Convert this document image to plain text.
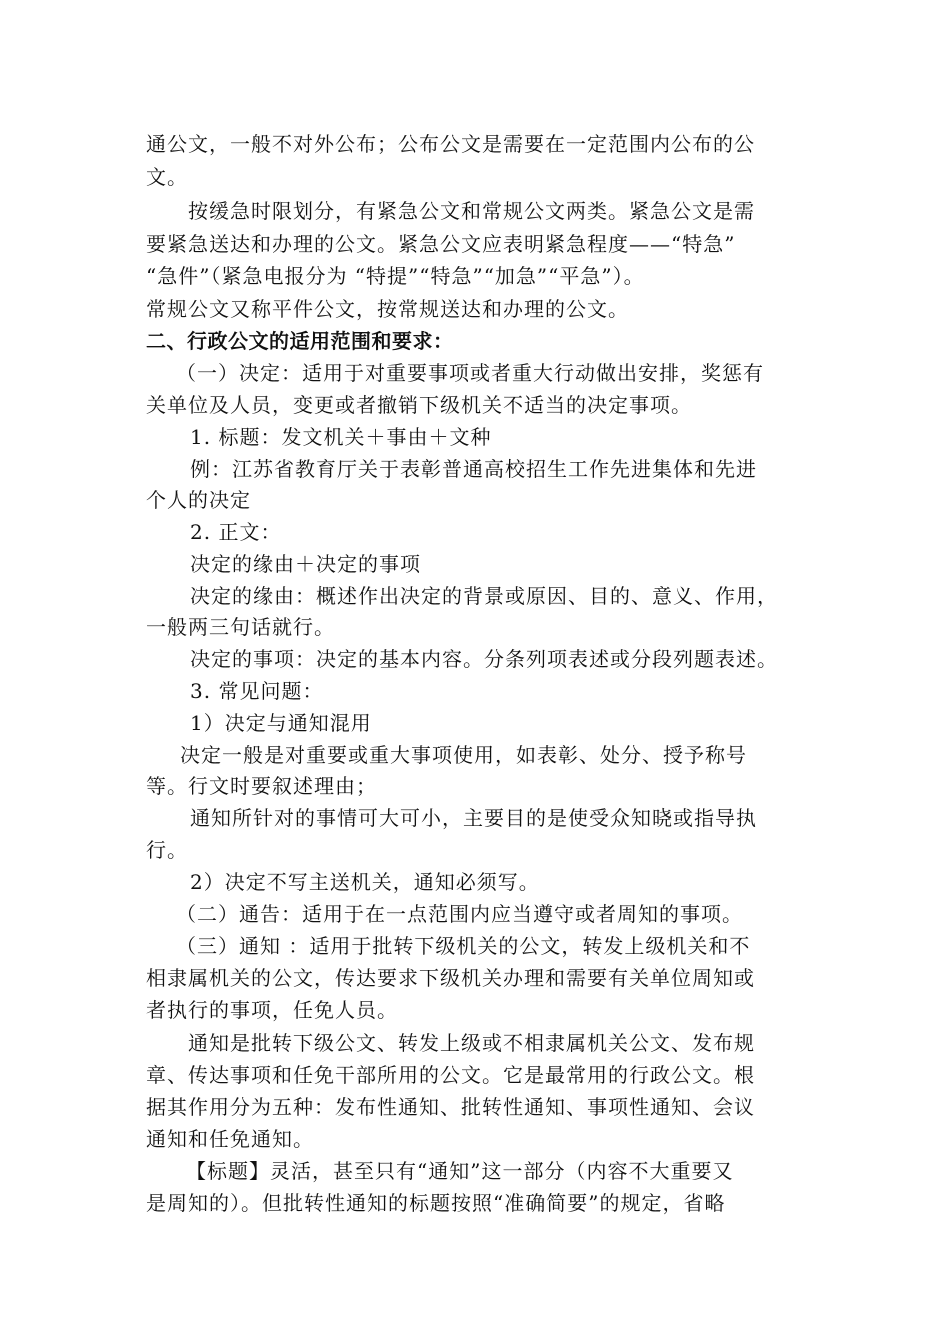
通公文，一般不对外公布；公布公文是需要在一定范围内公布的公

文。

按缓急时限划分，有紧急公文和常规公文两类。紧急公文是需

要紧急送达和办理的公文。紧急公文应表明紧急程度——“特急”

“急件”（紧急电报分为 “特提”“特急”“加急”“平急”）。

常规公文又称平件公文，按常规送达和办理的公文。

二、行政公文的适用范围和要求：

（一）决定：适用于对重要事项或者重大行动做出安排，奖惩有

关单位及人员，变更或者撤销下级机关不适当的决定事项。

1. 标题：发文机关＋事由＋文种

例：江苏省教育厅关于表彰普通高校招生工作先进集体和先进

个人的决定

2. 正文：

决定的缘由＋决定的事项

决定的缘由：概述作出决定的背景或原因、目的、意义、作用，

一般两三句话就行。

决定的事项：决定的基本内容。分条列项表述或分段列题表述。

3. 常见问题：

1）决定与通知混用

决定一般是对重要或重大事项使用，如表彰、处分、授予称号

等。行文时要叙述理由；

通知所针对的事情可大可小，主要目的是使受众知晓或指导执

行。

2）决定不写主送机关，通知必须写。

（二）通告：适用于在一点范围内应当遵守或者周知的事项。

（三）通知 ：适用于批转下级机关的公文，转发上级机关和不

相隶属机关的公文，传达要求下级机关办理和需要有关单位周知或

者执行的事项，任免人员。

通知是批转下级公文、转发上级或不相隶属机关公文、发布规

章、传达事项和任免干部所用的公文。它是最常用的行政公文。根

据其作用分为五种：发布性通知、批转性通知、事项性通知、会议

通知和任免通知。

【标题】灵活，甚至只有“通知”这一部分（内容不大重要又

是周知的）。但批转性通知的标题按照“准确简要”的规定，省略
